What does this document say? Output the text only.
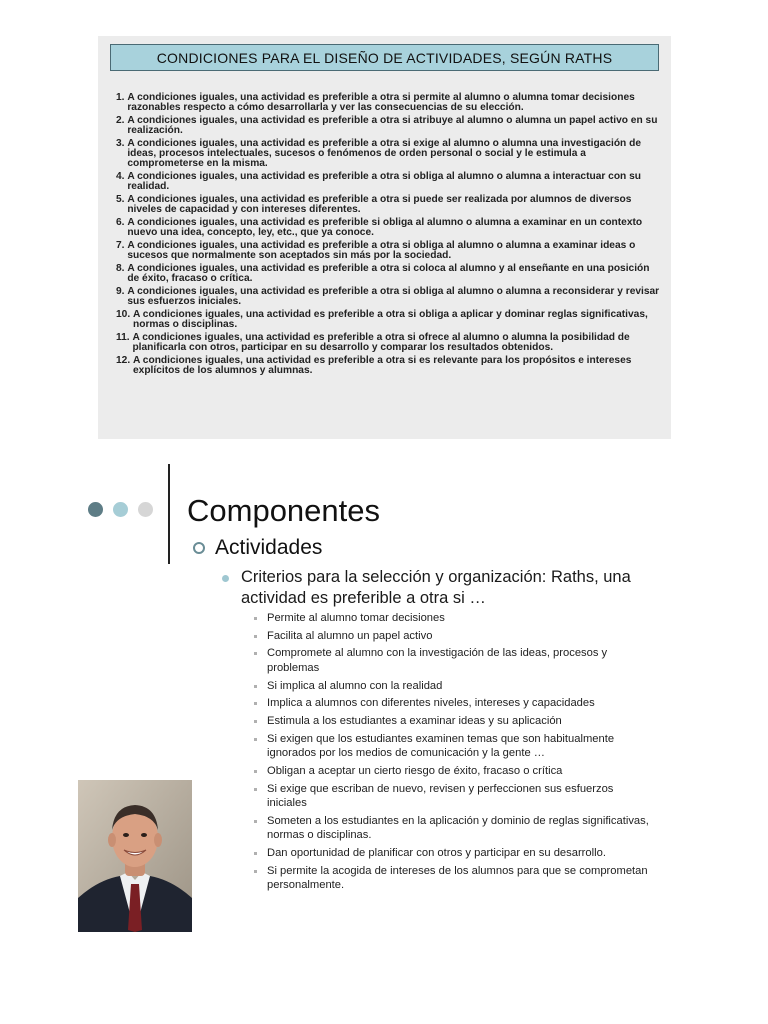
CONDICIONES PARA EL DISEÑO DE ACTIVIDADES, SEGÚN RATHS
1. A condiciones iguales, una actividad es preferible a otra si permite al alumno o alumna tomar decisiones razonables respecto a cómo desarrollarla y ver las consecuencias de su elección.
2. A condiciones iguales, una actividad es preferible a otra si atribuye al alumno o alumna un papel activo en su realización.
3. A condiciones iguales, una actividad es preferible a otra si exige al alumno o alumna una investigación de ideas, procesos intelectuales, sucesos o fenómenos de orden personal o social y le estimula a comprometerse en la misma.
4. A condiciones iguales, una actividad es preferible a otra si obliga al alumno o alumna a interactuar con su realidad.
5. A condiciones iguales, una actividad es preferible a otra si puede ser realizada por alumnos de diversos niveles de capacidad y con intereses diferentes.
6. A condiciones iguales, una actividad es preferible si obliga al alumno o alumna a examinar en un contexto nuevo una idea, concepto, ley, etc., que ya conoce.
7. A condiciones iguales, una actividad es preferible a otra si obliga al alumno o alumna a examinar ideas o sucesos que normalmente son aceptados sin más por la sociedad.
8. A condiciones iguales, una actividad es preferible a otra si coloca al alumno y al enseñante en una posición de éxito, fracaso o crítica.
9. A condiciones iguales, una actividad es preferible a otra si obliga al alumno o alumna a reconsiderar y revisar sus esfuerzos iniciales.
10. A condiciones iguales, una actividad es preferible a otra si obliga a aplicar y dominar reglas significativas, normas o disciplinas.
11. A condiciones iguales, una actividad es preferible a otra si ofrece al alumno o alumna la posibilidad de planificarla con otros, participar en su desarrollo y comparar los resultados obtenidos.
12. A condiciones iguales, una actividad es preferible a otra si es relevante para los propósitos e intereses explícitos de los alumnos y alumnas.
Componentes
Actividades
Criterios para la selección y organización: Raths, una actividad es preferible a otra si …
Permite al alumno tomar decisiones
Facilita al alumno un papel activo
Compromete al alumno con la investigación de las ideas, procesos y problemas
Si implica al alumno con la realidad
Implica a alumnos con diferentes niveles, intereses y capacidades
Estimula a los estudiantes a examinar ideas y su aplicación
Si exigen que los estudiantes examinen temas que son habitualmente ignorados por los medios de comunicación y la gente …
Obligan a aceptar un cierto riesgo de éxito, fracaso o crítica
Si exige que escriban de nuevo, revisen y perfeccionen sus esfuerzos iniciales
Someten a los estudiantes en la aplicación y dominio de reglas significativas, normas o disciplinas.
Dan oportunidad de planificar con otros y participar en su desarrollo.
Si permite la acogida de intereses de los alumnos para que se comprometan personalmente.
